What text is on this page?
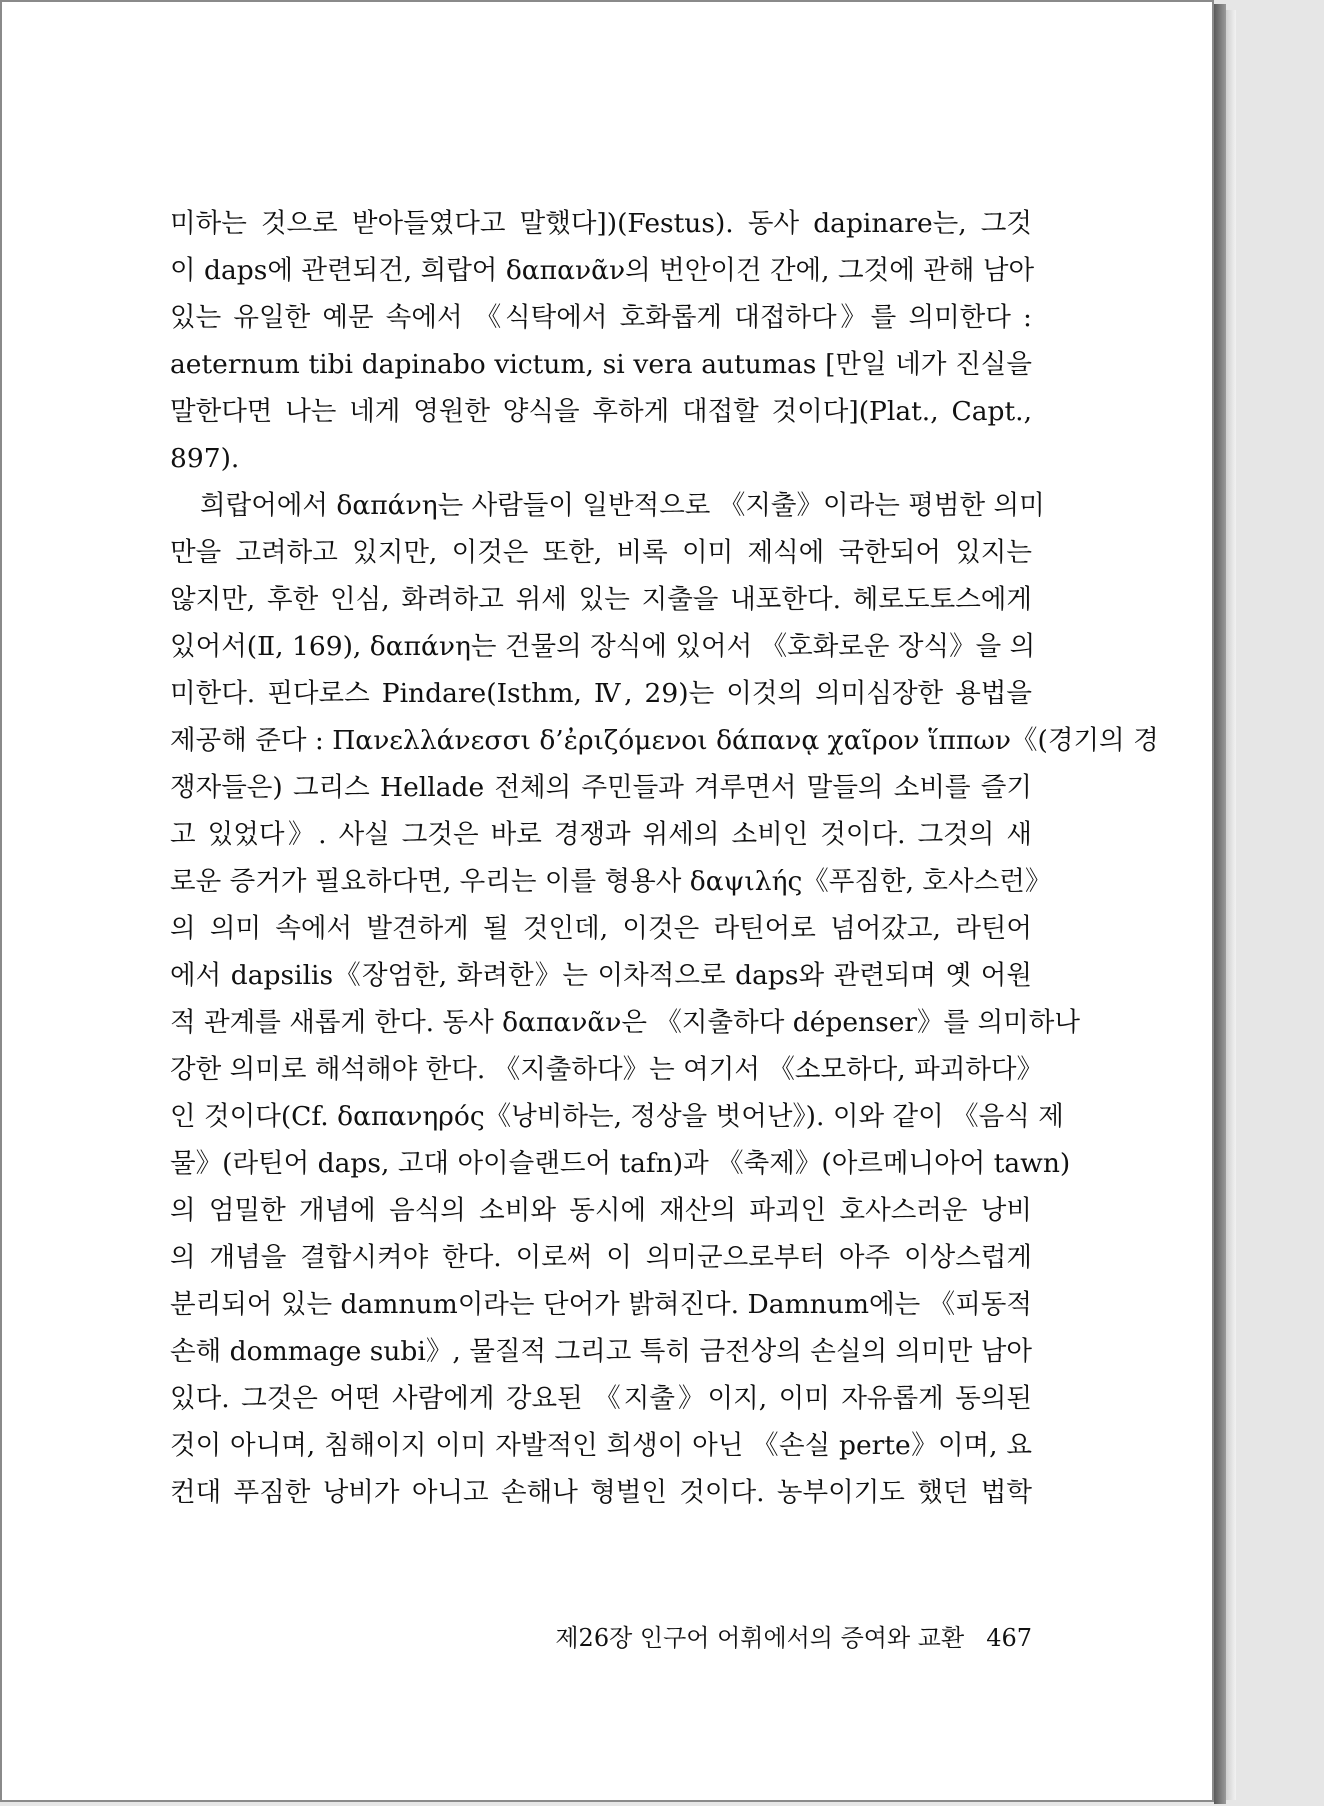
미하는 것으로 받아들였다고 말했다])(Festus). 동사 dapinare는, 그것
이 daps에 관련되건, 희랍어 δαπανᾶν의 번안이건 간에, 그것에 관해 남아
있는 유일한 예문 속에서 《식탁에서 호화롭게 대접하다》를 의미한다 :
aeternum tibi dapinabo victum, si vera autumas [만일 네가 진실을
말한다면 나는 네게 영원한 양식을 후하게 대접할 것이다](Plat., Capt.,
897).
희랍어에서 δαπάνη는 사람들이 일반적으로 《지출》이라는 평범한 의미
만을 고려하고 있지만, 이것은 또한, 비록 이미 제식에 국한되어 있지는
않지만, 후한 인심, 화려하고 위세 있는 지출을 내포한다. 헤로도토스에게
있어서(Ⅱ, 169), δαπάνη는 건물의 장식에 있어서 《호화로운 장식》을 의
미한다. 핀다로스 Pindare(Isthm, Ⅳ, 29)는 이것의 의미심장한 용법을
제공해 준다 : Πανελλάνεσσι δ’ἐριζόμενοι δάπανᾳ χαῖρον ἵππων《(경기의 경
쟁자들은) 그리스 Hellade 전체의 주민들과 겨루면서 말들의 소비를 즐기
고 있었다》. 사실 그것은 바로 경쟁과 위세의 소비인 것이다. 그것의 새
로운 증거가 필요하다면, 우리는 이를 형용사 δαψιλής《푸짐한, 호사스런》
의 의미 속에서 발견하게 될 것인데, 이것은 라틴어로 넘어갔고, 라틴어
에서 dapsilis《장엄한, 화려한》는 이차적으로 daps와 관련되며 옛 어원
적 관계를 새롭게 한다. 동사 δαπανᾶν은 《지출하다 dépenser》를 의미하나
강한 의미로 해석해야 한다. 《지출하다》는 여기서 《소모하다, 파괴하다》
인 것이다(Cf. δαπανηρός《낭비하는, 정상을 벗어난》). 이와 같이 《음식 제
물》(라틴어 daps, 고대 아이슬랜드어 tafn)과 《축제》(아르메니아어 tawn)
의 엄밀한 개념에 음식의 소비와 동시에 재산의 파괴인 호사스러운 낭비
의 개념을 결합시켜야 한다. 이로써 이 의미군으로부터 아주 이상스럽게
분리되어 있는 damnum이라는 단어가 밝혀진다. Damnum에는 《피동적
손해 dommage subi》, 물질적 그리고 특히 금전상의 손실의 의미만 남아
있다. 그것은 어떤 사람에게 강요된 《지출》이지, 이미 자유롭게 동의된
것이 아니며, 침해이지 이미 자발적인 희생이 아닌 《손실 perte》이며, 요
컨대 푸짐한 낭비가 아니고 손해나 형벌인 것이다. 농부이기도 했던 법학
제26장 인구어 어휘에서의 증여와 교환 467
